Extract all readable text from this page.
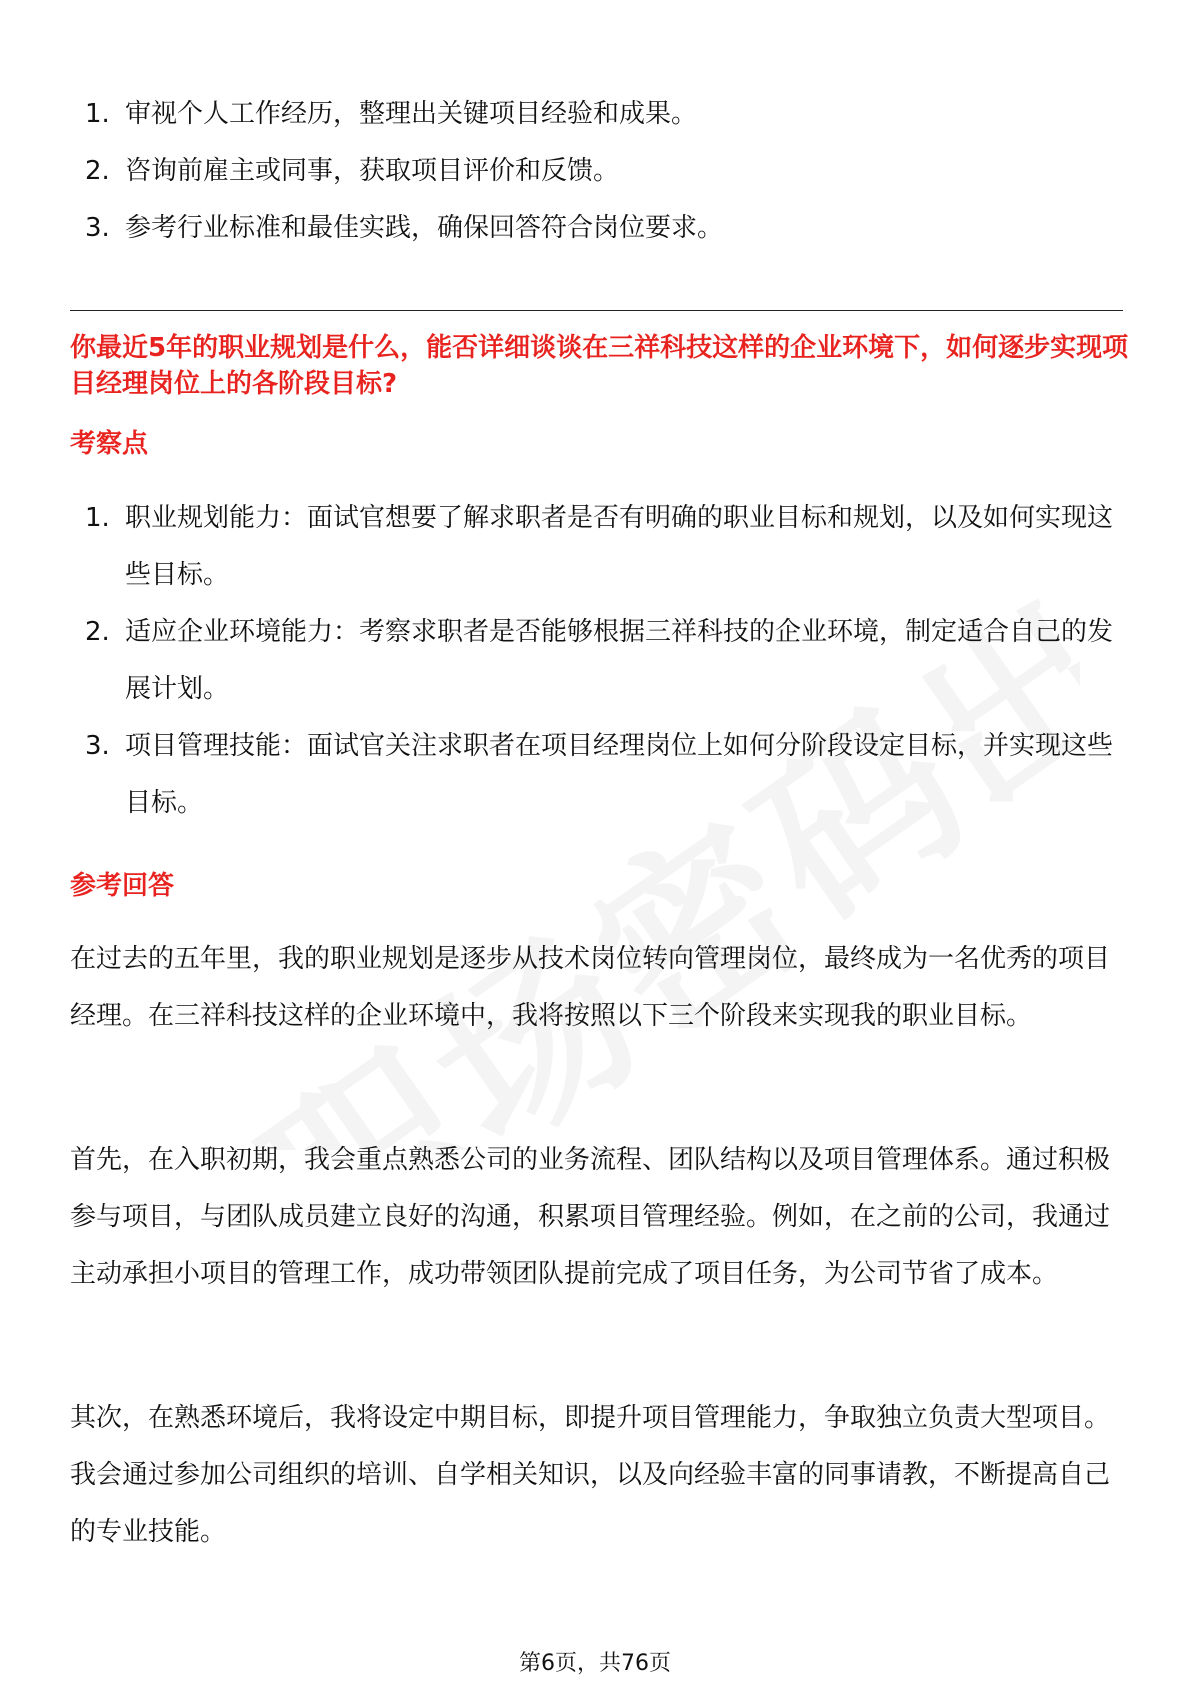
1. 审视个人工作经历，整理出关键项目经验和成果。
2. 咨询前雇主或同事，获取项目评价和反馈。
3. 参考行业标准和最佳实践，确保回答符合岗位要求。
你最近5年的职业规划是什么，能否详细谈谈在三祥科技这样的企业环境下，如何逐步实现项目经理岗位上的各阶段目标?
考察点
1. 职业规划能力：面试官想要了解求职者是否有明确的职业目标和规划，以及如何实现这些目标。
2. 适应企业环境能力：考察求职者是否能够根据三祥科技的企业环境，制定适合自己的发展计划。
3. 项目管理技能：面试官关注求职者在项目经理岗位上如何分阶段设定目标，并实现这些目标。
参考回答

在过去的五年里，我的职业规划是逐步从技术岗位转向管理岗位，最终成为一名优秀的项目经理。在三祥科技这样的企业环境中，我将按照以下三个阶段来实现我的职业目标。

首先，在入职初期，我会重点熟悉公司的业务流程、团队结构以及项目管理体系。通过积极参与项目，与团队成员建立良好的沟通，积累项目管理经验。例如，在之前的公司，我通过主动承担小项目的管理工作，成功带领团队提前完成了项目任务，为公司节省了成本。

其次，在熟悉环境后，我将设定中期目标，即提升项目管理能力，争取独立负责大型项目。我会通过参加公司组织的培训、自学相关知识，以及向经验丰富的同事请教，不断提高自己的专业技能。

第6页，共76页
